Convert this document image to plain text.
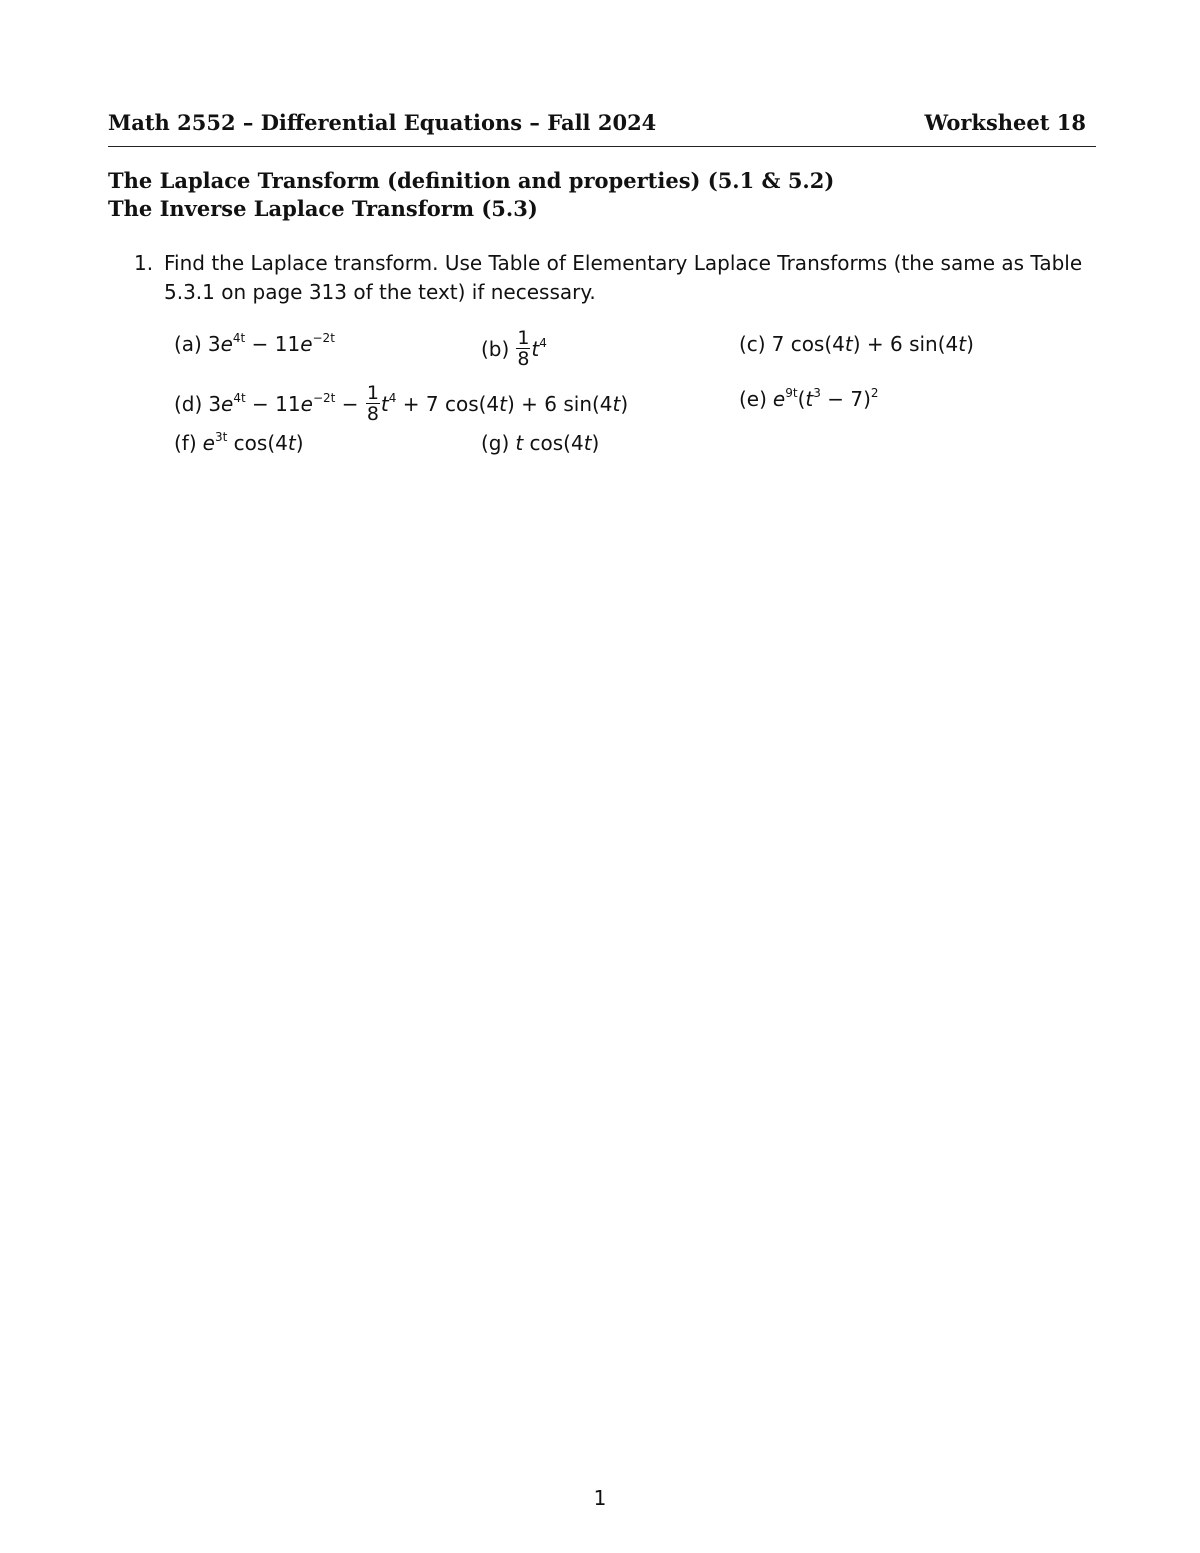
Math 2552 – Differential Equations – Fall 2024	Worksheet 18
The Laplace Transform (definition and properties) (5.1 & 5.2)
The Inverse Laplace Transform (5.3)
1. Find the Laplace transform. Use Table of Elementary Laplace Transforms (the same as Table 5.3.1 on page 313 of the text) if necessary.
(a) $3e^{4t} - 11e^{-2t}$	$(b) \frac{1}{8} t^4$	(c) 7 cos(4t) + 6 sin(4t)
(d) $3e^{4t} - 11e^{-2t} - \frac{1}{8} t^4 + 7$ cos(4t) + 6 sin(4t)	(e) $e^{9t}(t^3 - 7)^2$
(f) $e^{3t}$ cos(4t)	(g) t cos(4t)
1
